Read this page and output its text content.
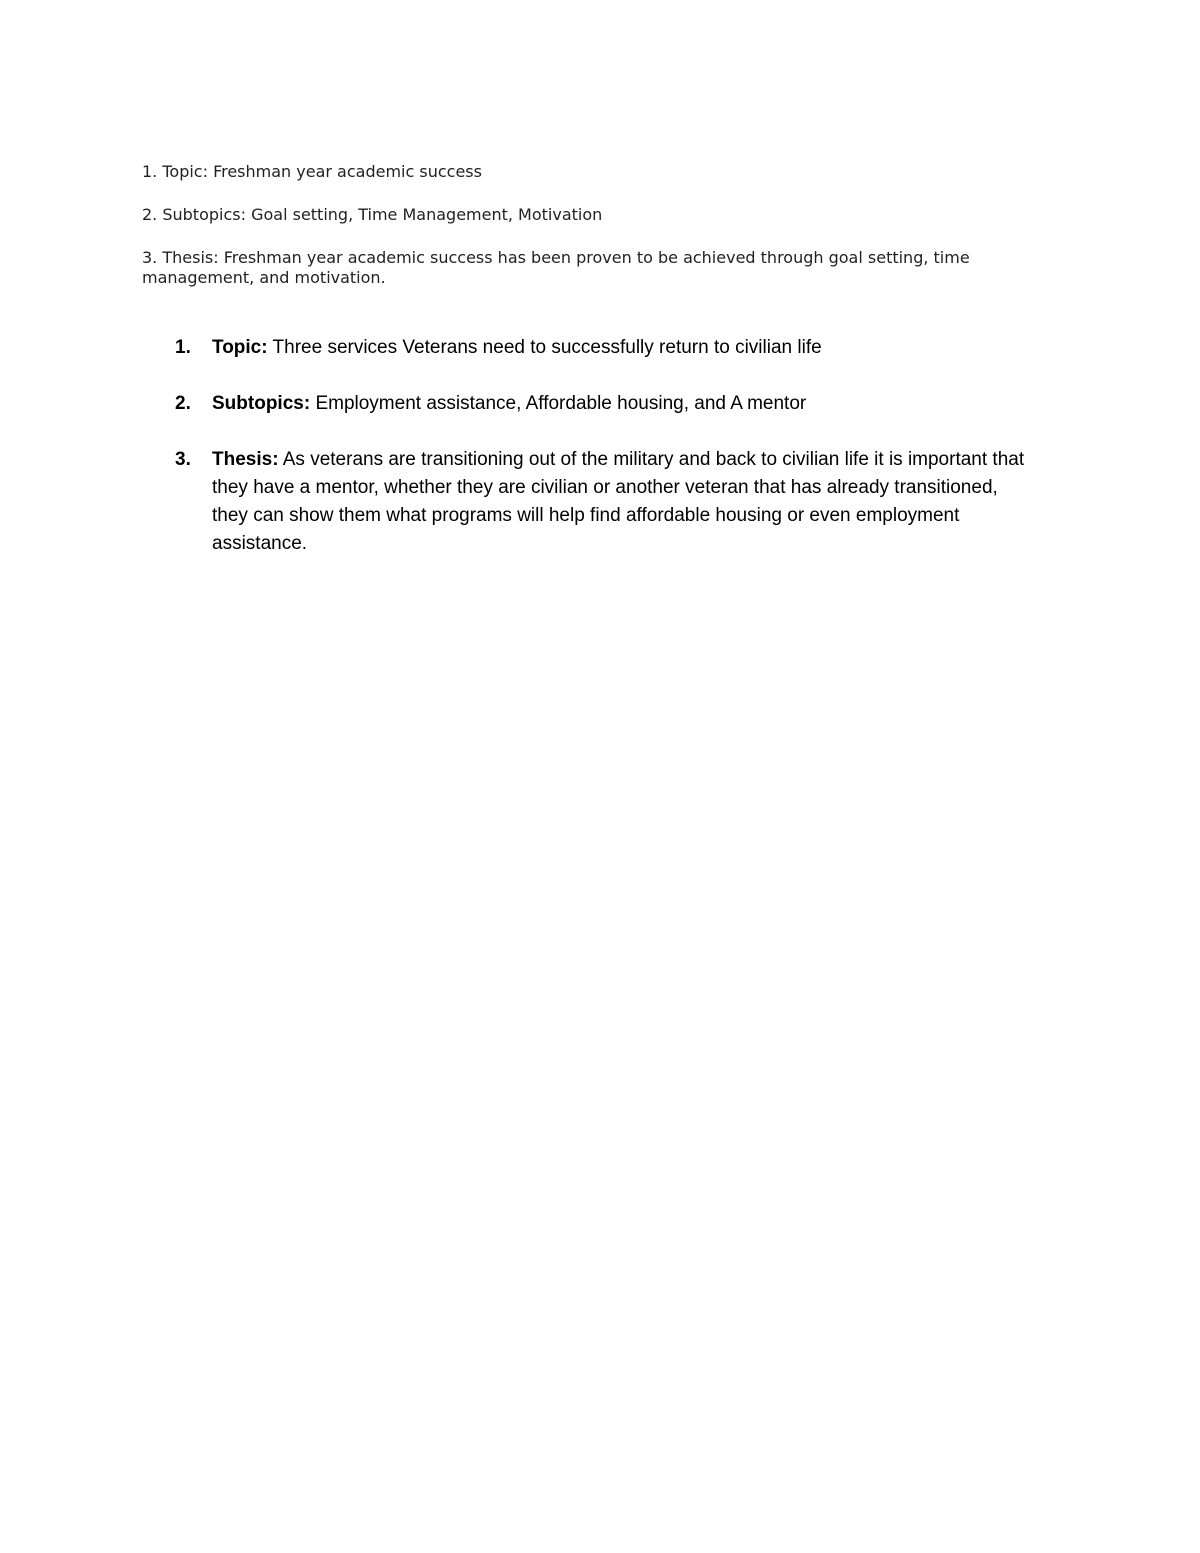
1. Topic: Freshman year academic success

2. Subtopics: Goal setting, Time Management, Motivation

3. Thesis: Freshman year academic success has been proven to be achieved through goal setting, time management, and motivation.

1. Topic: Three services Veterans need to successfully return to civilian life
2. Subtopics: Employment assistance, Affordable housing, and A mentor
3. Thesis: As veterans are transitioning out of the military and back to civilian life it is important that they have a mentor, whether they are civilian or another veteran that has already transitioned, they can show them what programs will help find affordable housing or even employment assistance.
